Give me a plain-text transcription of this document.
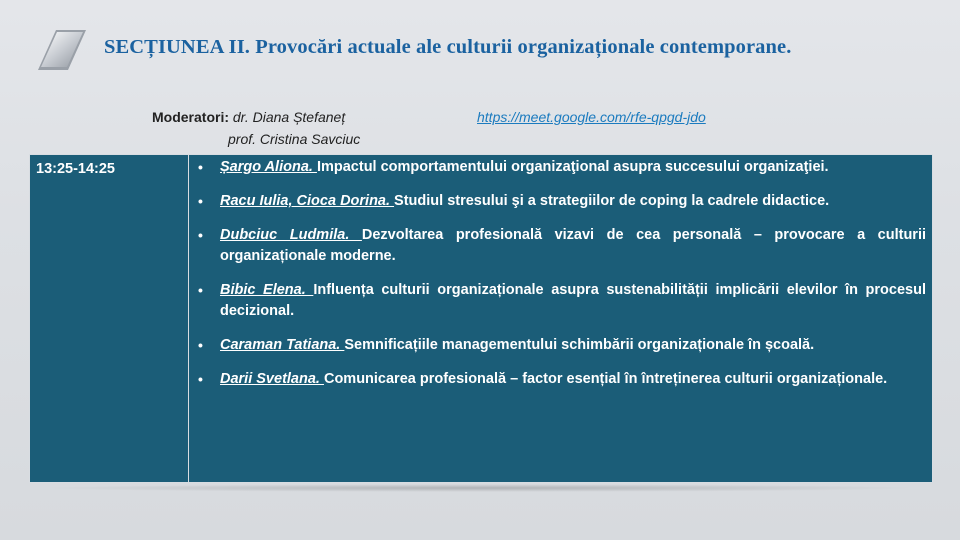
SECȚIUNEA II. Provocări actuale ale culturii organizaționale contemporane.
Moderatori: dr. Diana Ștefaneț
prof. Cristina Savciuc
https://meet.google.com/rfe-qpgd-jdo
13:25-14:25	• Șargo Aliona. Impactul comportamentului organizaţional asupra succesului organizaţiei.
• Racu Iulia, Cioca Dorina. Studiul stresului şi a strategiilor de coping la cadrele didactice.
• Dubciuc Ludmila. Dezvoltarea profesională vizavi de cea personală – provocare a culturii organizaționale moderne.
• Bibic Elena. Influența culturii organizaționale asupra sustenabilității implicării elevilor în procesul decizional.
• Caraman Tatiana. Semnificațiile managementului schimbării organizaționale în școală.
• Darii Svetlana. Comunicarea profesională – factor esențial în întreținerea culturii organizaționale.
